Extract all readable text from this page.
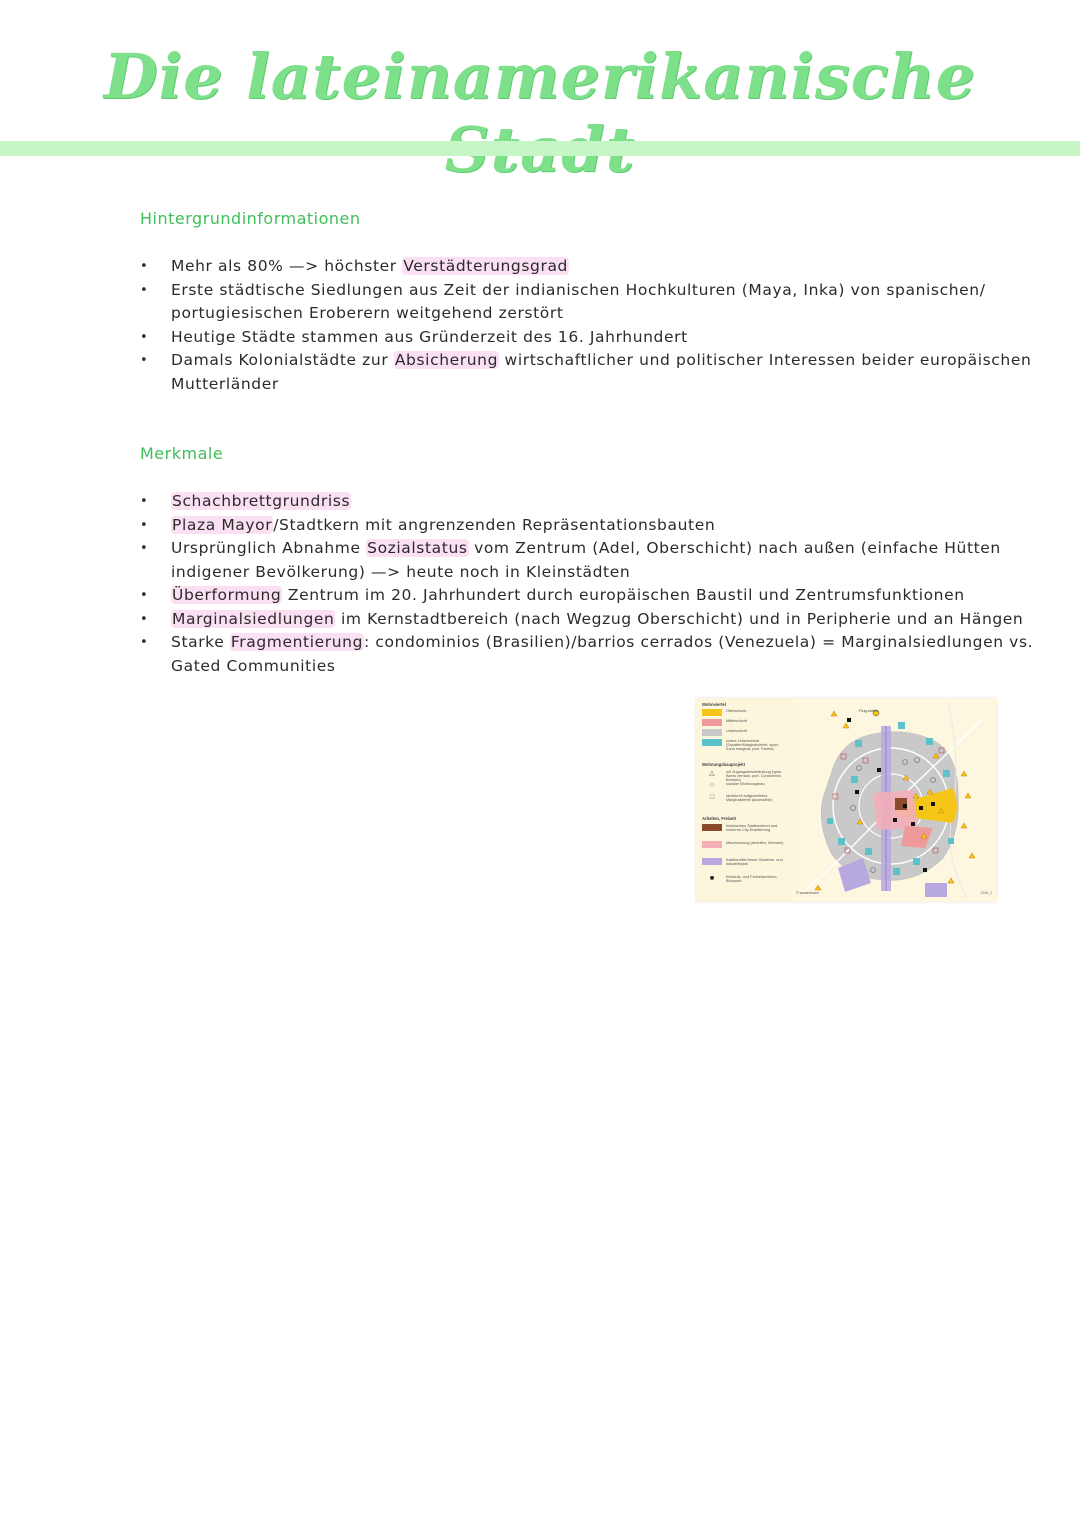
Die lateinamerikanische
Hintergrundinformationen
• Mehr als 80% —> höchster Verstädterungsgrad
• Erste städtische Siedlungen aus Zeit der indianischen Hochkulturen (Maya, Inka) von spanischen/ portugiesischen Eroberern weitgehend zerstört
• Heutige Städte stammen aus Gründerzeit des 16. Jahrhundert
• Damals Kolonialstädte zur Absicherung wirtschaftlicher und politischer Interessen beider europäischen Mutterländer
Merkmale
• Schachbrettgrundriss
• Plaza Mayor/Stadtkern mit angrenzenden Repräsentationsbauten
• Ursprünglich Abnahme Sozialstatus vom Zentrum (Adel, Oberschicht) nach außen (einfache Hütten indigener Bevölkerung) —> heute noch in Kleinstädten
• Überformung Zentrum im 20. Jahrhundert durch europäischen Baustil und Zentrumsfunktionen
• Marginalsiedlungen im Kernstadtbereich (nach Wegzug Oberschicht) und in Peripherie und an Hängen
• Starke Fragmentierung: condominios (Brasilien)/barrios cerrados (Venezuela) = Marginalsiedlungen vs. Gated Communities
Wohnviertel
Oberschicht
Mittelschicht
Unterschicht
untere Unterschicht (Squatter/Marginalviertel; span. Zona marginal, port. Favela)
Wohnungsbauprojekt
△	mit Zugangsbeschränkung (span. Barrio cerrado, port. Condominio fechado)
○	sozialer Wohnungsbau
□	strukturell aufgewertetes Marginalviertel (accessible)
Arbeiten, Freizeit
historisches Stadtzentrum und moderne City-Erweiterung
Mischnutzung (Arbeiten, Wohnen)
traditioneller/neuer Gewerbe- und Industriepark
■	Einkaufs- und Freizeitzentrum, Büropark
Flug-hafen
© westermann	1546_1
